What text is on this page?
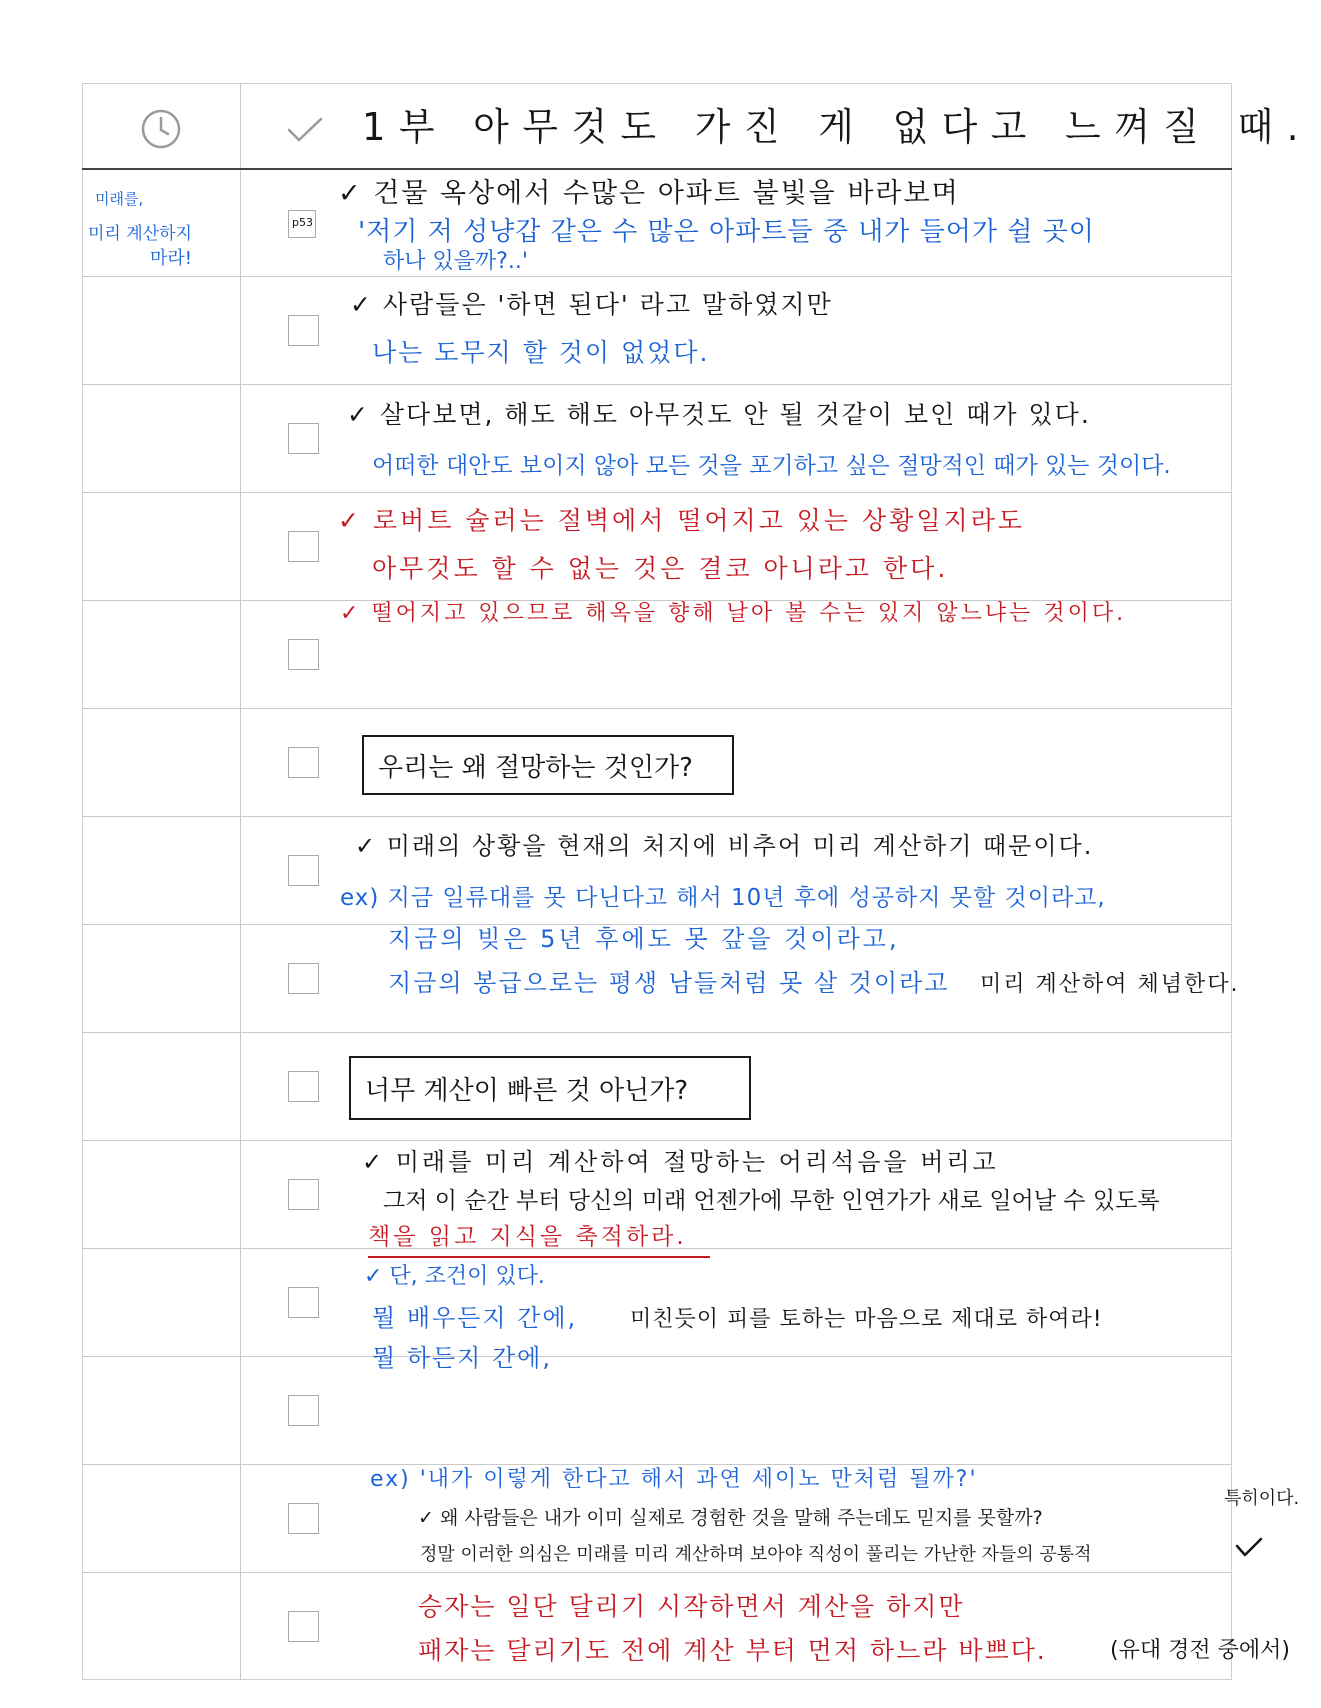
1부 아무것도 가진 게 없다고 느껴질 때.
미래를,
미리 계산하지
마라!
p53
✓ 건물 옥상에서 수많은 아파트 불빛을 바라보며
'저기 저 성냥갑 같은 수 많은 아파트들 중 내가 들어가 쉴 곳이
하나 있을까?..'
✓ 사람들은 '하면 된다' 라고 말하였지만
나는 도무지 할 것이 없었다.
✓ 살다보면, 해도 해도 아무것도 안 될 것같이 보인 때가 있다.
어떠한 대안도 보이지 않아 모든 것을 포기하고 싶은 절망적인 때가 있는 것이다.
✓ 로버트 슐러는 절벽에서 떨어지고 있는 상황일지라도
아무것도 할 수 없는 것은 결코 아니라고 한다.
✓ 떨어지고 있으므로 해옥을 향해 날아 볼 수는 있지 않느냐는 것이다.
우리는 왜 절망하는 것인가?
✓ 미래의 상황을 현재의 처지에 비추어 미리 계산하기 때문이다.
ex) 지금 일류대를 못 다닌다고 해서 10년 후에 성공하지 못할 것이라고,
지금의 빚은 5년 후에도 못 갚을 것이라고,
지금의 봉급으로는 평생 남들처럼 못 살 것이라고 미리 계산하여 체념한다.
너무 계산이 빠른 것 아닌가?
✓ 미래를 미리 계산하여 절망하는 어리석음을 버리고
그저 이 순간 부터 당신의 미래 언젠가에 무한 인연가가 새로 일어날 수 있도록
책을 읽고 지식을 축적하라.
✓ 단, 조건이 있다.
뭘 배우든지 간에, 미친듯이 피를 토하는 마음으로 제대로 하여라!
뭘 하든지 간에,
ex) '내가 이렇게 한다고 해서 과연 세이노 만처럼 될까?'
특히이다.
✓ 왜 사람들은 내가 이미 실제로 경험한 것을 말해 주는데도 믿지를 못할까?
정말 이러한 의심은 미래를 미리 계산하며 보아야 직성이 풀리는 가난한 자들의 공통적
승자는 일단 달리기 시작하면서 계산을 하지만
패자는 달리기도 전에 계산 부터 먼저 하느라 바쁘다.	(유대 경전 중에서)
